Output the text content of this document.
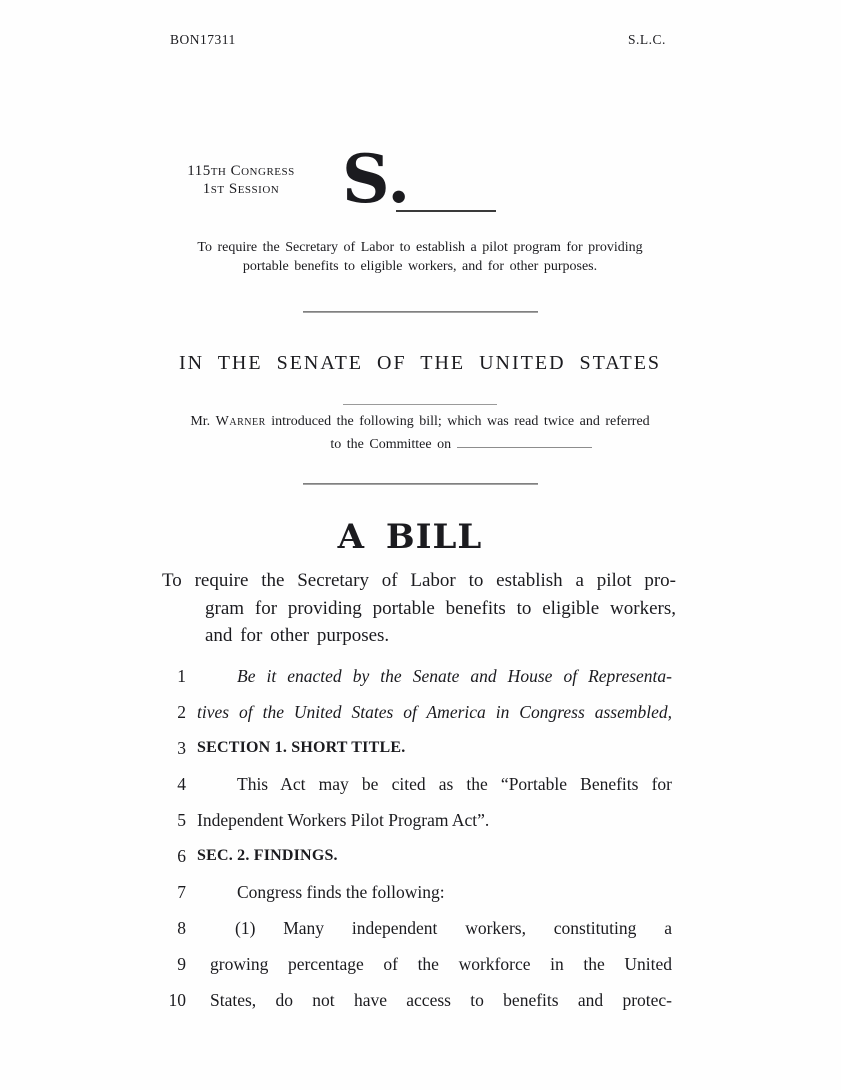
BON17311	S.L.C.
115th Congress
1st Session S.
To require the Secretary of Labor to establish a pilot program for providing
portable benefits to eligible workers, and for other purposes.
IN THE SENATE OF THE UNITED STATES
Mr. Warner introduced the following bill; which was read twice and referred
to the Committee on
A BILL
To require the Secretary of Labor to establish a pilot pro-
gram for providing portable benefits to eligible workers,
and for other purposes.
1	Be it enacted by the Senate and House of Representa-
2 tives of the United States of America in Congress assembled,
3 SECTION 1. SHORT TITLE.
4	This Act may be cited as the “Portable Benefits for
5 Independent Workers Pilot Program Act”.
6 SEC. 2. FINDINGS.
7	Congress finds the following:
8	(1) Many independent workers, constituting a
9	growing percentage of the workforce in the United
10	States, do not have access to benefits and protec-
